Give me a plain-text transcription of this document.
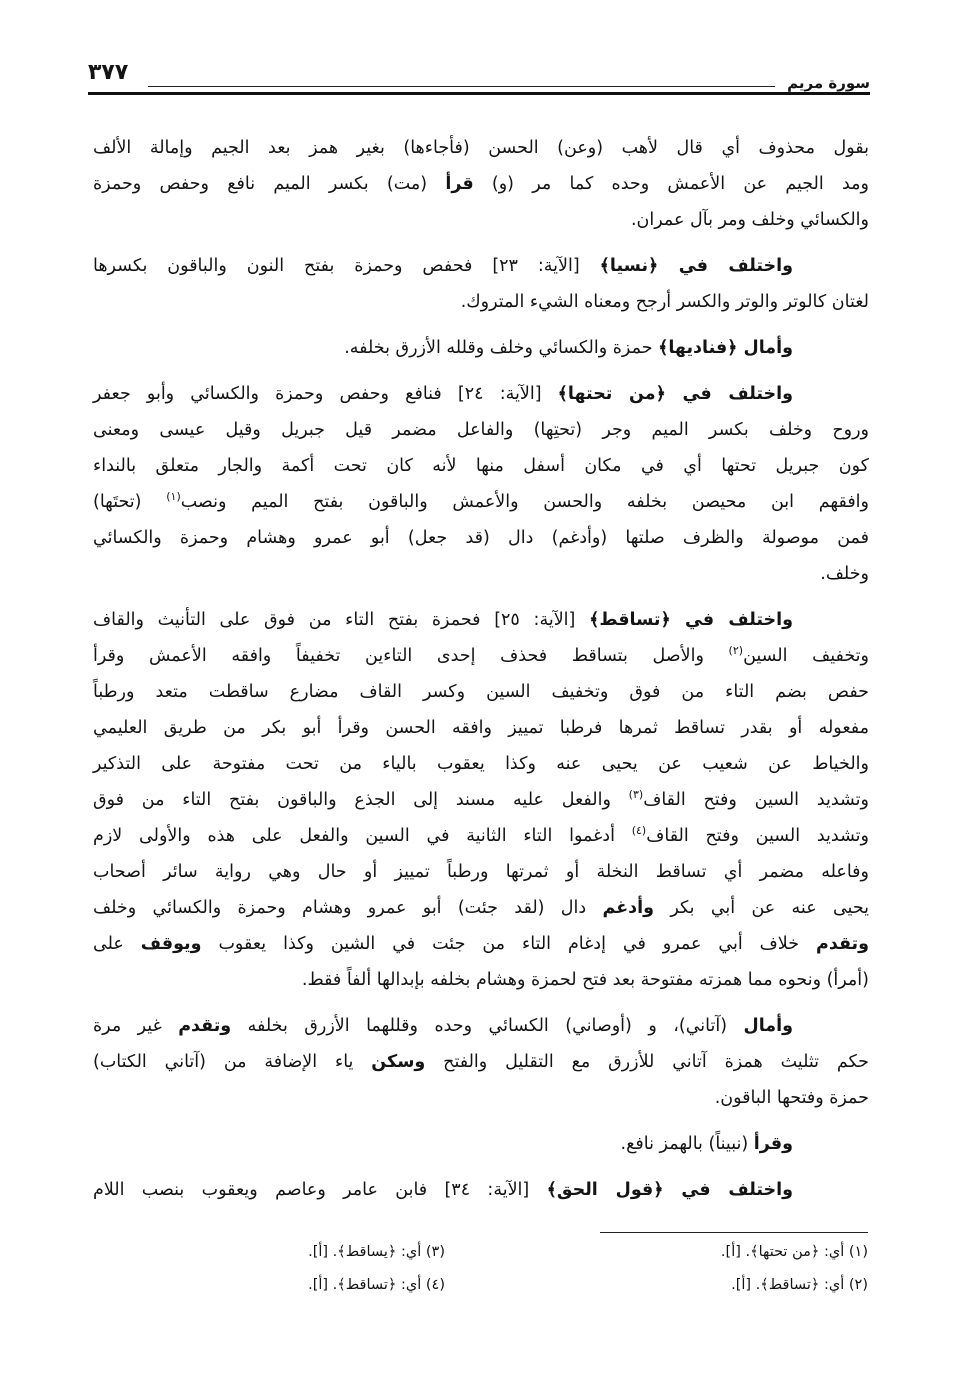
سورة مريم
٣٧٧
بقول محذوف أي قال لأهب (وعن) الحسن (فأجاءها) بغير همز بعد الجيم وإمالة الألف
ومد الجيم عن الأعمش وحده كما مر (و) قرأ (مت) بكسر الميم نافع وحفص وحمزة
والكسائي وخلف ومر بآل عمران.
واختلف في ﴿نسيا﴾ [الآية: ٢٣] فحفص وحمزة بفتح النون والباقون بكسرها
لغتان كالوتر والوتر والكسر أرجح ومعناه الشيء المتروك.
وأمال ﴿فناديها﴾ حمزة والكسائي وخلف وقلله الأزرق بخلفه.
واختلف في ﴿من تحتها﴾ [الآية: ٢٤] فنافع وحفص وحمزة والكسائي وأبو جعفر
وروح وخلف بكسر الميم وجر (تحتِها) والفاعل مضمر قيل جبريل وقيل عيسى ومعنى
كون جبريل تحتها أي في مكان أسفل منها لأنه كان تحت أكمة والجار متعلق بالنداء
وافقهم ابن محيصن بخلفه والحسن والأعمش والباقون بفتح الميم ونصب$^{(١)}$ (تحتَها)
فمن موصولة والظرف صلتها (وأدغم) دال (قد جعل) أبو عمرو وهشام وحمزة والكسائي
وخلف.
واختلف في ﴿تساقط﴾ [الآية: ٢٥] فحمزة بفتح التاء من فوق على التأنيث والقاف
وتخفيف السين$^{(٢)}$ والأصل بتساقط فحذف إحدى التاءين تخفيفاً وافقه الأعمش وقرأ
حفص بضم التاء من فوق وتخفيف السين وكسر القاف مضارع ساقطت متعد ورطباً
مفعوله أو بقدر تساقط ثمرها فرطبا تمييز وافقه الحسن وقرأ أبو بكر من طريق العليمي
والخياط عن شعيب عن يحيى عنه وكذا يعقوب بالياء من تحت مفتوحة على التذكير
وتشديد السين وفتح القاف$^{(٣)}$ والفعل عليه مسند إلى الجذع والباقون بفتح التاء من فوق
وتشديد السين وفتح القاف$^{(٤)}$ أدغموا التاء الثانية في السين والفعل على هذه والأولى لازم
وفاعله مضمر أي تساقط النخلة أو ثمرتها ورطباً تمييز أو حال وهي رواية سائر أصحاب
يحيى عنه عن أبي بكر وأدغم دال (لقد جئت) أبو عمرو وهشام وحمزة والكسائي وخلف
وتقدم خلاف أبي عمرو في إدغام التاء من جئت في الشين وكذا يعقوب ويوقف على
(أمرأ) ونحوه مما همزته مفتوحة بعد فتح لحمزة وهشام بخلفه بإبدالها ألفاً فقط.
وأمال (آتاني)، و (أوصاني) الكسائي وحده وقللهما الأزرق بخلفه وتقدم غير مرة
حكم تثليث همزة آتاني للأزرق مع التقليل والفتح وسكن ياء الإضافة من (آتاني الكتاب)
حمزة وفتحها الباقون.
وقرأ (نبيناً) بالهمز نافع.
واختلف في ﴿قول الحق﴾ [الآية: ٣٤] فابن عامر وعاصم ويعقوب بنصب اللام
(١) أي: ﴿من تحتها﴾. [أ].
(٢) أي: ﴿تساقط﴾. [أ].
(٣) أي: ﴿يساقط﴾. [أ].
(٤) أي: ﴿تساقط﴾. [أ].
